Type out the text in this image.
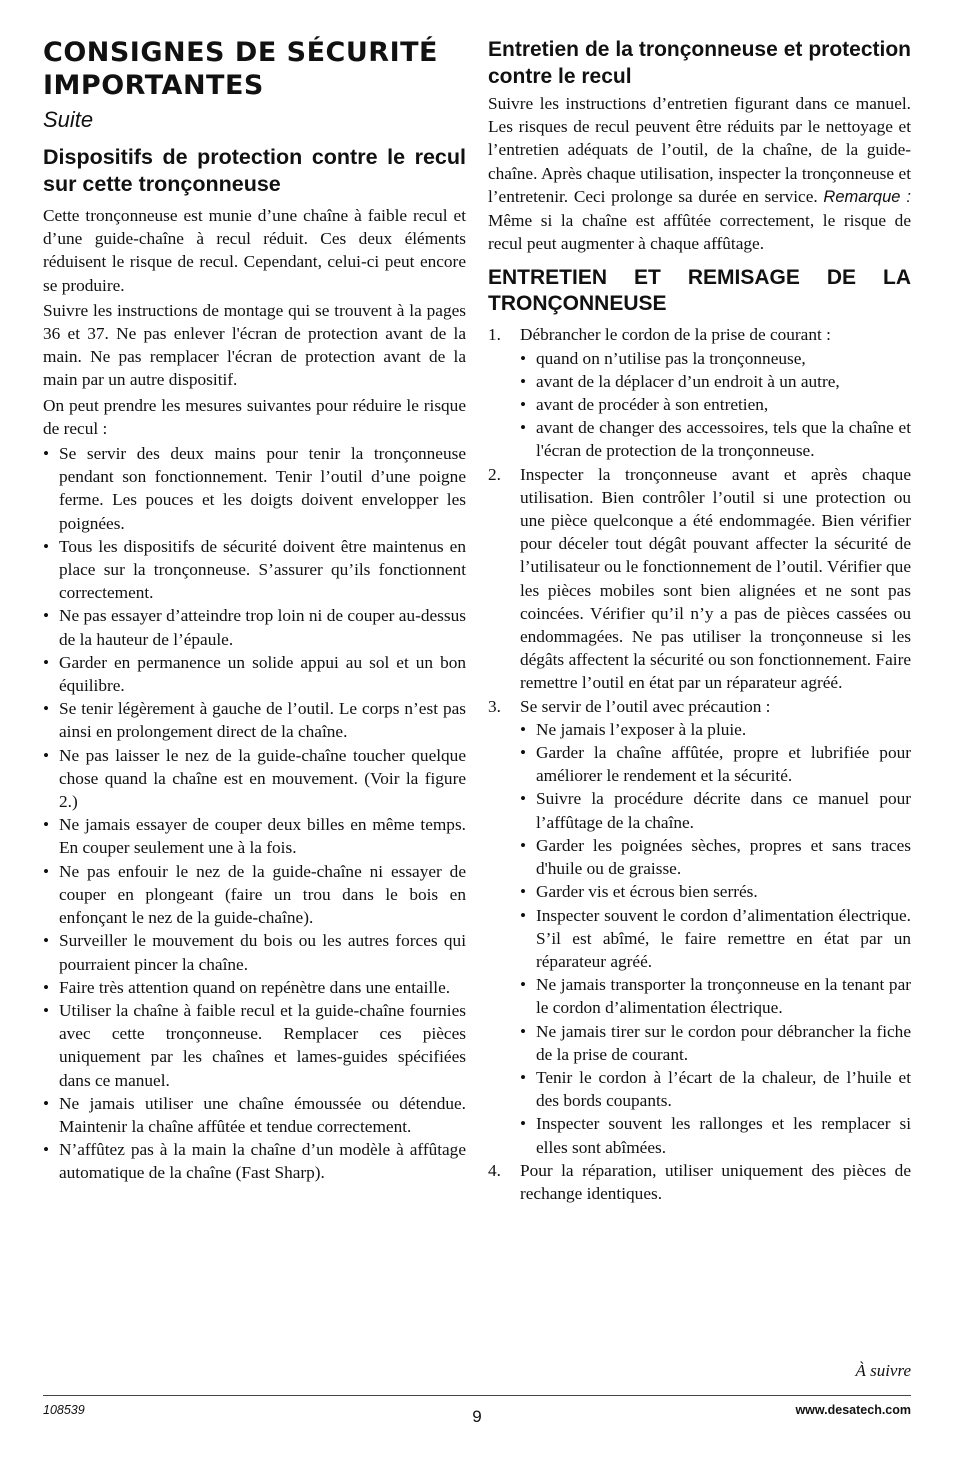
CONSIGNES DE SÉCURITÉ IMPORTANTES
Suite
Dispositifs de protection contre le recul sur cette tronçonneuse

Cette tronçonneuse est munie d’une chaîne à faible recul et d’une guide-chaîne à recul réduit. Ces deux éléments réduisent le risque de recul. Cependant, celui-ci peut encore se produire.

Suivre les instructions de montage qui se trouvent à la pages 36 et 37. Ne pas enlever l'écran de protection avant de la main. Ne pas remplacer l'écran de protection avant de la main par un autre dispositif.

On peut prendre les mesures suivantes pour réduire le risque de recul :

• Se servir des deux mains pour tenir la tronçonneuse pendant son fonctionnement. Tenir l’outil d’une poigne ferme. Les pouces et les doigts doivent envelopper les poignées.
• Tous les dispositifs de sécurité doivent être maintenus en place sur la tronçonneuse. S’assurer qu’ils fonctionnent correctement.
• Ne pas essayer d’atteindre trop loin ni de couper au-dessus de la hauteur de l’épaule.
• Garder en permanence un solide appui au sol et un bon équilibre.
• Se tenir légèrement à gauche de l’outil. Le corps n’est pas ainsi en prolongement direct de la chaîne.
• Ne pas laisser le nez de la guide-chaîne toucher quelque chose quand la chaîne est en mouvement. (Voir la figure 2.)
• Ne jamais essayer de couper deux billes en même temps. En couper seulement une à la fois.
• Ne pas enfouir le nez de la guide-chaîne ni essayer de couper en plongeant (faire un trou dans le bois en enfonçant le nez de la guide-chaîne).
• Surveiller le mouvement du bois ou les autres forces qui pourraient pincer la chaîne.
• Faire très attention quand on repénètre dans une entaille.
• Utiliser la chaîne à faible recul et la guide-chaîne fournies avec cette tronçonneuse. Remplacer ces pièces uniquement par les chaînes et lames-guides spécifiées dans ce manuel.
• Ne jamais utiliser une chaîne émoussée ou détendue. Maintenir la chaîne affûtée et tendue correctement.
• N’affûtez pas à la main la chaîne d’un modèle à affûtage automatique de la chaîne (Fast Sharp).
Entretien de la tronçonneuse et protection contre le recul

Suivre les instructions d’entretien figurant dans ce manuel. Les risques de recul peuvent être réduits par le nettoyage et l’entretien adéquats de l’outil, de la chaîne, de la guide-chaîne. Après chaque utilisation, inspecter la tronçonneuse et l’entretenir. Ceci prolonge sa durée en service. Remarque : Même si la chaîne est affûtée correctement, le risque de recul peut augmenter à chaque affûtage.

ENTRETIEN ET REMISAGE DE LA TRONÇONNEUSE
1. Débrancher le cordon de la prise de courant :
• quand on n’utilise pas la tronçonneuse,
• avant de la déplacer d’un endroit à un autre,
• avant de procéder à son entretien,
• avant de changer des accessoires, tels que la chaîne et l'écran de protection de la tronçonneuse.
2. Inspecter la tronçonneuse avant et après chaque utilisation. Bien contrôler l’outil si une protection ou une pièce quelconque a été endommagée. Bien vérifier pour déceler tout dégât pouvant affecter la sécurité de l’utilisateur ou le fonctionnement de l’outil. Vérifier que les pièces mobiles sont bien alignées et ne sont pas coincées. Vérifier qu’il n’y a pas de pièces cassées ou endommagées. Ne pas utiliser la tronçonneuse si les dégâts affectent la sécurité ou son fonctionnement. Faire remettre l’outil en état par un réparateur agréé.
3. Se servir de l’outil avec précaution :
• Ne jamais l’exposer à la pluie.
• Garder la chaîne affûtée, propre et lubrifiée pour améliorer le rendement et la sécurité.
• Suivre la procédure décrite dans ce manuel pour l’affûtage de la chaîne.
• Garder les poignées sèches, propres et sans traces d'huile ou de graisse.
• Garder vis et écrous bien serrés.
• Inspecter souvent le cordon d’alimentation électrique. S’il est abîmé, le faire remettre en état par un réparateur agréé.
• Ne jamais transporter la tronçonneuse en la tenant par le cordon d’alimentation électrique.
• Ne jamais tirer sur le cordon pour débrancher la fiche de la prise de courant.
• Tenir le cordon à l’écart de la chaleur, de l’huile et des bords coupants.
• Inspecter souvent les rallonges et les remplacer si elles sont abîmées.
4. Pour la réparation, utiliser uniquement des pièces de rechange identiques.
À suivre
108539	9	www.desatech.com
